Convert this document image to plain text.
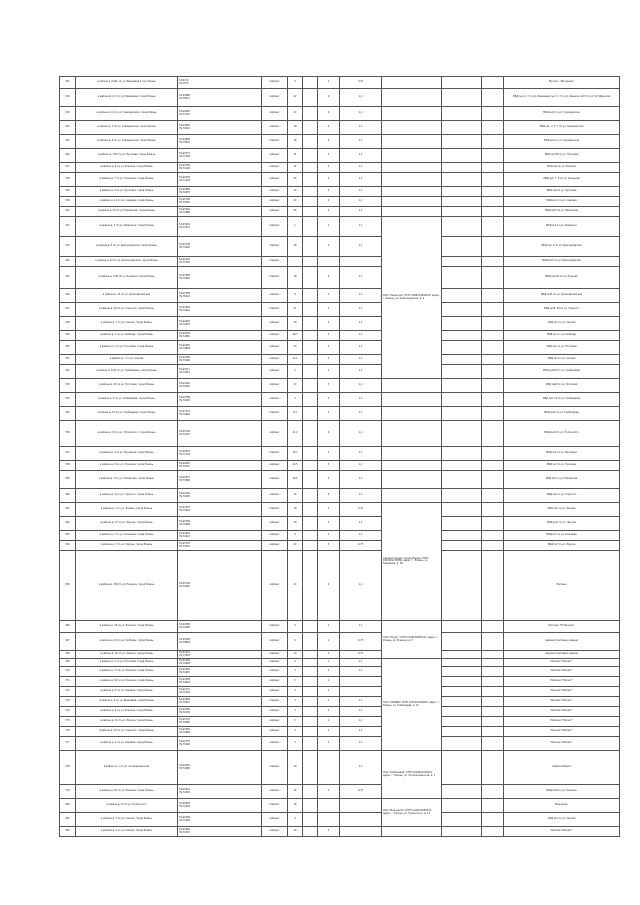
321	в районе у. Набе. по ул. Вишневая в гор. Рязань	54.6174
39.7573	асфальт	3		1	0,75				Мусорн. "Мичурина"
322	в районе Д. 6, 3 по ул. Вишневая, город Рязань	54.62880
39.75617	асфальт	12		4	1,1				МКД №4, 6, 7 по ул. Вишневая, №2, 5, 7 по ул. Шацкая, №35 по ул. Октябрьская
323	в районе д. 12 по ул. Гражданская, город Рязань	54.62804
39.74767	асфальт	14		4	1,1				МКД №12 по ул. Гражданская
324	в районе д. 3 по ул. Гражданская, город Рязань	54.62882
39.74916	асфальт	18		4	1,1				МКД №1, 3, 5, 7 по ул. Гражданская
325	в районе д. 9 по ул. Гражданская, город Рязань	54.62896
39.74832	асфальт	16		4	1,1				МКД №9 по ул. Гражданская
326	в районе д. 7/10 по ул. Пугачева, город Рязань	54.62577
39.74700	асфальт	11		3	1,1				МКД №7/10 по ул. Пугачева
327	в районе д. 6 по ул. Есенина, город Рязань	54.62700
39.74128	асфальт	11		3	1,1				МКД №6 по ул. Есенина
328	в районе д. 7 по ул. Кольцова, город Рязань	54.62638
39.74126	асфальт	22		4	1,1				МКД №5, 7, 9 по ул. Кольцова
329	в районе д. 9 по ул. Пугачева, город Рязань	54.62848
39.74635	асфальт	19		4	1,1				МКД №9 по ул. Пугачева
330	в районе д. 11 по ул. Садовая, город Рязань	54.62728
39.73530	асфальт	10		2	1,1				МКД №11 по ул. Садовая
341	в районе д. 25 по ул. Некрасова, город Рязань	54.63262
39.72988	асфальт	25		4	1,1				МКД №25 по ул. Некрасова
342	в районе д. 3 по ул. Шевченко, город Рязань	54.63294
39.73372	асфальт	1		1	1,1	ООО "Рязанское" ОГРН 1086234000149, адрес: г. Рязань, ул. Краснорядская, д. 9			МКД №3 по ул. Шевченко
343	в районе д. 6 по ул. Краснорядская, город Рязань	54.62700
39.74930	асфальт	18		4	1,1				МКД №4, 6 по ул. Краснорядская
344	в районе д. 10 по ул. Краснорядская, город Рязань	54.62934
39.73765	асфальт								МКД №10 по ул. Краснорядская
345	в районе д. 1/30 по ул. Есенина, город Рязань	54.62388
39.74846	асфальт	18		4	1,1				МКД №1/30 по ул. Есенина
346	в районе д. 15 по ул. Кремлевский вал	54.62788
39.75623	асфальт	8		2	1,1				МКД №15 по ул. Кремлевский вал
347	в районе д. 20 по ул. Горького, город Рязань	54.62464
39.74942	асфальт	17		3	1,1				МКД №18, 20 по ул. Горького
348	в районе д. 1 по ул. Сенная, город Рязань	54.62646
39.74253	асфальт	19		4	1,1				МКД №1 по ул. Сенная
349	в районе д. 1 по ул. Свободы, город Рязань	54.62030
39.74862	асфальт	10,7		3	1,1				МКД №1 по ул. Свободы
350	в районе д. 1 по ул. Почтовая, город Рязань	54.62260
39.74828	асфальт	13		3	1,1				МКД №1 по ул. Почтовая
351	в районе д. 7 по ул. Сенная	54.62284
39.73990	асфальт	11,1		3	1,1				МКД №7 по ул. Сенная
352	в районе д. 3/26 по ул. Грибоедова, город Рязань	54.62511
39.74612	асфальт	2		1	1,1				МКД №3/26 по ул. Грибоедова
353	в районе д. 60 по ул. Почтовая, город Рязань	54.62240
39.74540	асфальт	13		3	1,1				МКД №60 по ул. Почтовая
354	в районе д. 6 по ул. Грибоедова, город Рязань	54.62768
39.74600	асфальт	9		3	1,1				МКД №6, 10 по ул. Грибоедова
355	в районе д. 15 по ул. Грибоедова, город Рязань	54.63154
39.74696	асфальт	6,4		2	1,1				МКД №15 по ул. Грибоедова
356	в районе д. 10 по ул. Полонского, город Рязань	54.62790
39.74232	асфальт	11,2		4	1,1				МКД №10 по ул. Полонского
357	в районе д. 2 по ул. Мусорная, город Рязань	54.63025
39.75136	асфальт	10,7		3	1,1				МКД №2 по ул. Мусорная
358	в районе д. 3 по ул. Пушкина, город Рязань	54.62801
39.74570	асфальт	10,5		3	1,1				МКД №3 по ул. Пушкина
359	в районе д. 3 по ул. Некрасова, город Рязань	54.62977
39.73986	асфальт	10,5		4	1,1				МКД №3 по ул. Некрасова
360	в районе д. 9 по ул. Горького, город Рязань	54.62136
39.74995	асфальт	14		5	1,1				МКД №9 по ул. Горького
361	в районе д. 1 по ул. Ленина, город Рязань	54.62370
39.73942	асфальт	10		3	0,75	Администрация города Рязани, ОГРН 1026201270260, адрес: г. Рязань, ул. Радищева, д. 28			МКД №1 по ул. Ленина
362	в районе д. 17 по ул. Фрунзе, город Рязань	54.62786
39.73968	асфальт	10		3	1,1				МКД №17 по ул. Фрунзе
363	в районе д. 7 по ул. Кольцова, город Рязань	54.62663
39.74243	асфальт	9		2	1,1				МКД №7 по ул. Кольцова
364	в районе д. 7 по ул. Фрунзе, город Рязань	54.62722
39.73954	асфальт	10		3	0,75				МКД №7 по ул. Фрунзе
365	в районе д. 300 по ул. Есенина, город Рязань	54.62726
39.74262	асфальт	10		2	1,1				Магазин
366	в районе д. 19 по ул. Есенина, город Рязань	54.62388
39.74846	асфальт	3		1	1,1	ООО "Ресурс" ОГРН 1106234000145, адрес: г. Рязань, ул. Есенина, д. 5			Магазин "Пятёрочка"
367	в районе д. 10 по ул. Свободы, город Рязань	54.62389
39.74894	асфальт	4		1	0,75				Административное здание
368	в районе д. 15 по ул. Ленина, город Рязань	54.62451
39.73938	асфальт	10		3	0,75				Административное здание
369	в районе д. 2 по ул. Почтовая, город Рязань	54.62280
39.74628	асфальт	4		1	1,1	ООО "ЛАНДЕР" ОГРН 1025201340045, адрес: г. Рязань, ул. Грибоедова, д. 11			Магазин "Магнит"
370	в районе д. 17 по ул. Есенина, город Рязань	54.62458
39.74625	асфальт	3		1	1,1				Магазин "Магнит"
371	в районе д. 19 по ул. Есенина, город Рязань	54.62458
39.74629	асфальт	3		1					Магазин "Магнит"
372	в районе д. 9 по ул. Садовая, город Рязань	54.62741
39.73530	асфальт	3		1					Магазин "Магнит"
373	в районе д. 9 по ул. Вишневая, город Рязань	54.62984
39.75657	асфальт	3		1	1,1				Магазин "Магнит"
374	в районе д. 4 по ул. Есенина, город Рязань	54.62596
39.74236	асфальт	3		1	1,1				Магазин "Магнит"
375	в районе д. 15 по ул. Фрунзе, город Рязань	54.62712
39.73960	асфальт	3		1	1,1				Магазин "Магнит"
376	в районе д. 10 по ул. Горького, город Рязань	54.62355
39.74988	асфальт	3		1	1,1				Магазин "Магнит"
377	в районе д. 2 по ул. Садовая, город Рязань	54.62755
39.73420	асфальт	3		1	1,1				Магазин "Магнит"
378	в районе д. 1 по ул. Скоморошинская	54.62693
39.74080	асфальт	10			1,1	ОАО "Хлебозавод" ОГРН 1026201264001, адрес: г. Рязань, ул. Скоморошинская, д. 1			Хлебокомбинат
379	в районе д. 50 по ул. Есенина, город Рязань	54.62913
39.74265	асфальт	12		2	0,75				МКД №50 по ул. Есенина
380	в районе д. 12 по ул. Полонского	54.62804
39.74296	асфальт	16				ООО "Мед.центр" ОГРН 1126234000333, адрес: г. Рязань, ул. Полонского, д. 12			Мед.центр
381	в районе д. 3 по ул. Сенная, город Рязань	54.62638
39.74180	асфальт	4							МКД №3 по ул. Сенная
382	в районе д. 1 по ул. Сенная, город Рязань	54.62646
39.74253	асфальт	10		3					Магазин "Магнит"
